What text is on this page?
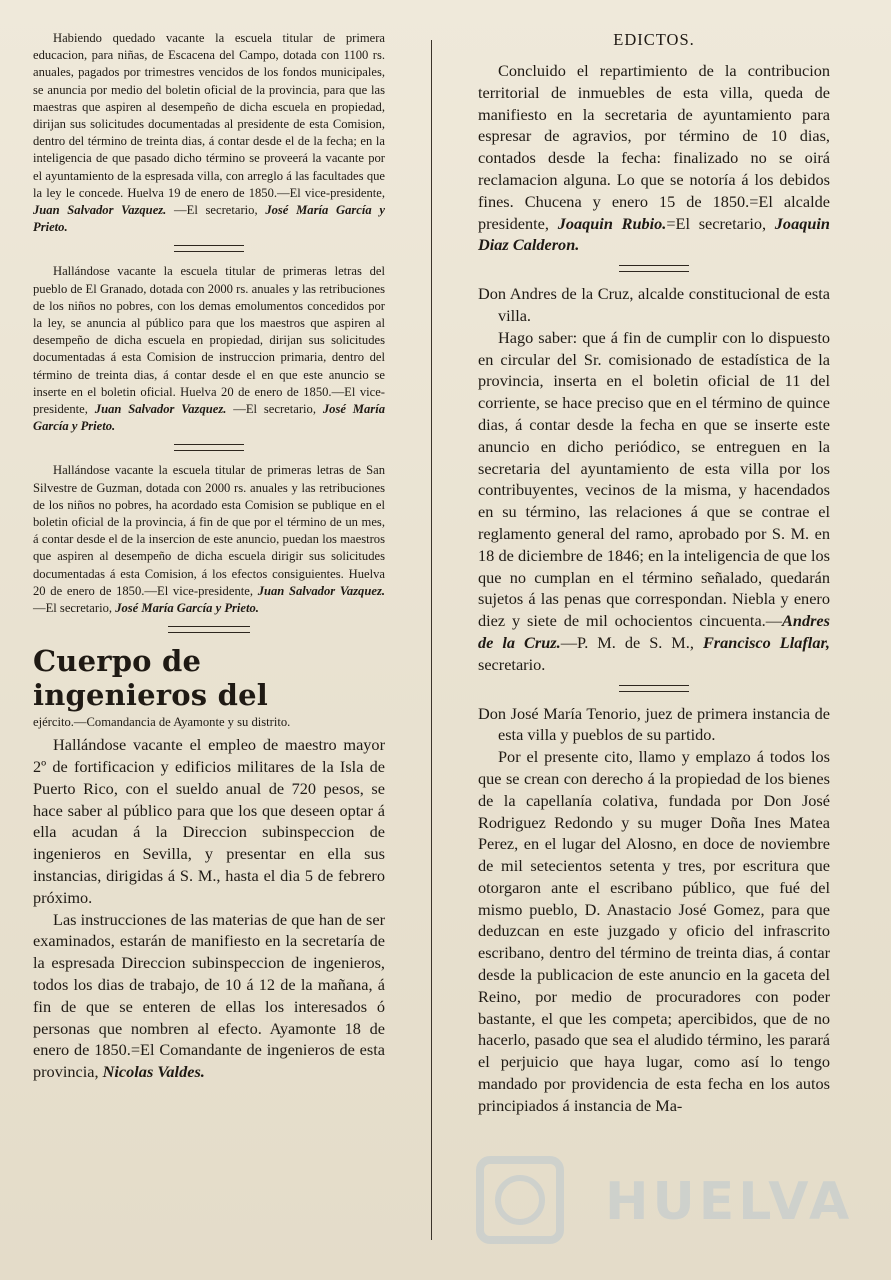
Habiendo quedado vacante la escuela titular de primera educacion, para niñas, de Escacena del Campo, dotada con 1100 rs. anuales, pagados por trimestres vencidos de los fondos municipales, se anuncia por medio del boletin oficial de la provincia, para que las maestras que aspiren al desempeño de dicha escuela en propiedad, dirijan sus solicitudes documentadas al presidente de esta Comision, dentro del término de treinta dias, á contar desde el de la fecha; en la inteligencia de que pasado dicho término se proveerá la vacante por el ayuntamiento de la espresada villa, con arreglo á las facultades que la ley le concede. Huelva 19 de enero de 1850.—El vice-presidente, Juan Salvador Vazquez. —El secretario, José María García y Prieto.

Hallándose vacante la escuela titular de primeras letras del pueblo de El Granado, dotada con 2000 rs. anuales y las retribuciones de los niños no pobres, con los demas emolumentos concedidos por la ley, se anuncia al público para que los maestros que aspiren al desempeño de dicha escuela en propiedad, dirijan sus solicitudes documentadas á esta Comision de instruccion primaria, dentro del término de treinta dias, á contar desde el en que este anuncio se inserte en el boletin oficial. Huelva 20 de enero de 1850.—El vice-presidente, Juan Salvador Vazquez. —El secretario, José María García y Prieto.

Hallándose vacante la escuela titular de primeras letras de San Silvestre de Guzman, dotada con 2000 rs. anuales y las retribuciones de los niños no pobres, ha acordado esta Comision se publique en el boletin oficial de la provincia, á fin de que por el término de un mes, á contar desde el de la insercion de este anuncio, puedan los maestros que aspiren al desempeño de dicha escuela dirigir sus solicitudes documentadas á esta Comision, á los efectos consiguientes. Huelva 20 de enero de 1850.—El vice-presidente, Juan Salvador Vazquez. —El secretario, José María García y Prieto.

Cuerpo de ingenieros del

ejército.—Comandancia de Ayamonte y su distrito.

Hallándose vacante el empleo de maestro mayor 2º de fortificacion y edificios militares de la Isla de Puerto Rico, con el sueldo anual de 720 pesos, se hace saber al público para que los que deseen optar á ella acudan á la Direccion subinspeccion de ingenieros en Sevilla, y presentar en ella sus instancias, dirigidas á S. M., hasta el dia 5 de febrero próximo.

Las instrucciones de las materias de que han de ser examinados, estarán de manifiesto en la secretaría de la espresada Direccion subinspeccion de ingenieros, todos los dias de trabajo, de 10 á 12 de la mañana, á fin de que se enteren de ellas los interesados ó personas que nombren al efecto. Ayamonte 18 de enero de 1850.=El Comandante de ingenieros de esta provincia, Nicolas Valdes.

EDICTOS.

Concluido el repartimiento de la contribucion territorial de inmuebles de esta villa, queda de manifiesto en la secretaria de ayuntamiento para espresar de agravios, por término de 10 dias, contados desde la fecha: finalizado no se oirá reclamacion alguna. Lo que se notoría á los debidos fines. Chucena y enero 15 de 1850.=El alcalde presidente, Joaquin Rubio.=El secretario, Joaquin Diaz Calderon.

Don Andres de la Cruz, alcalde constitucional de esta villa.

Hago saber: que á fin de cumplir con lo dispuesto en circular del Sr. comisionado de estadística de la provincia, inserta en el boletin oficial de 11 del corriente, se hace preciso que en el término de quince dias, á contar desde la fecha en que se inserte este anuncio en dicho periódico, se entreguen en la secretaria del ayuntamiento de esta villa por los contribuyentes, vecinos de la misma, y hacendados en su término, las relaciones á que se contrae el reglamento general del ramo, aprobado por S. M. en 18 de diciembre de 1846; en la inteligencia de que los que no cumplan en el término señalado, quedarán sujetos á las penas que correspondan. Niebla y enero diez y siete de mil ochocientos cincuenta.—Andres de la Cruz.—P. M. de S. M., Francisco Llaflar, secretario.

Don José María Tenorio, juez de primera instancia de esta villa y pueblos de su partido.

Por el presente cito, llamo y emplazo á todos los que se crean con derecho á la propiedad de los bienes de la capellanía colativa, fundada por Don José Rodriguez Redondo y su muger Doña Ines Matea Perez, en el lugar del Alosno, en doce de noviembre de mil setecientos setenta y tres, por escritura que otorgaron ante el escribano público, que fué del mismo pueblo, D. Anastacio José Gomez, para que deduzcan en este juzgado y oficio del infrascrito escribano, dentro del término de treinta dias, á contar desde la publicacion de este anuncio en la gaceta del Reino, por medio de procuradores con poder bastante, el que les competa; apercibidos, que de no hacerlo, pasado que sea el aludido término, les parará el perjuicio que haya lugar, como así lo tengo mandado por providencia de esta fecha en los autos principiados á instancia de Ma-

HUELVA
